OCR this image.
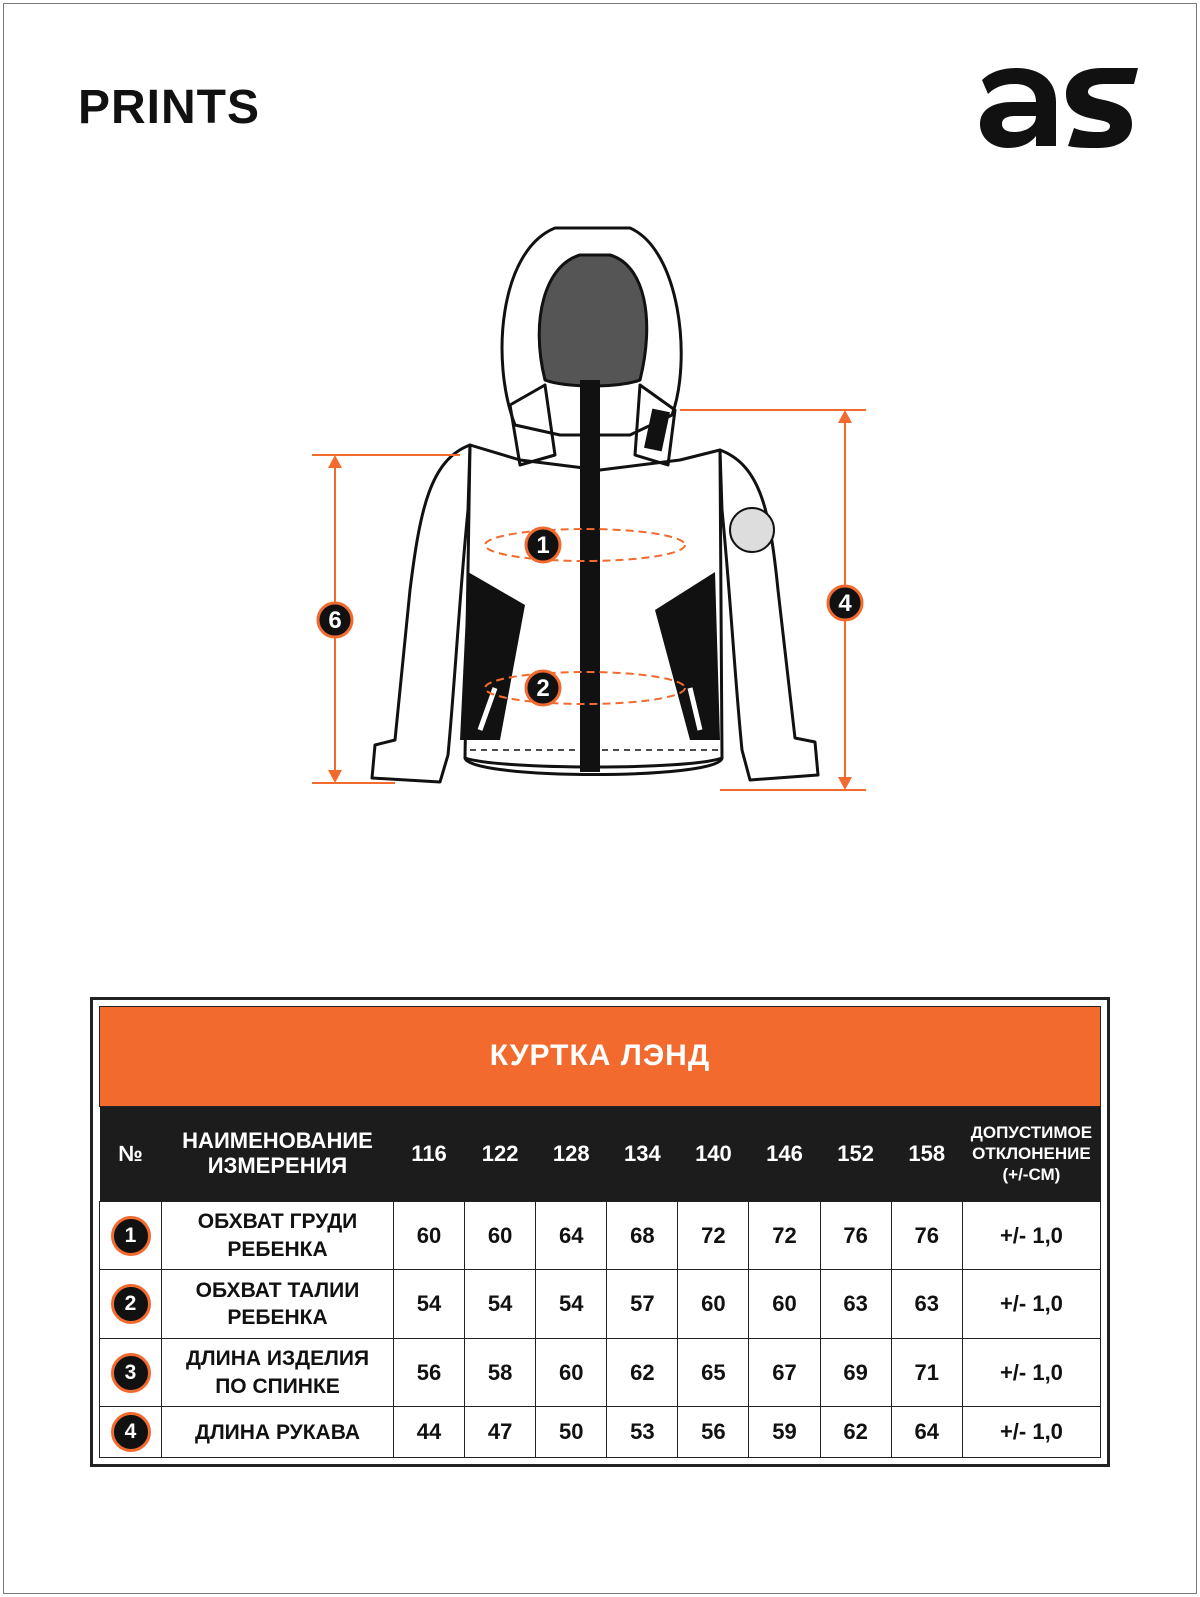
PRINTS
1
2
6
4
КУРТКА ЛЭНД										
№	НАИМЕНОВАНИЕ ИЗМЕРЕНИЯ	116	122	128	134	140	146	152	158	ДОПУСТИМОЕ ОТКЛОНЕНИЕ (+/-СМ)
1	ОБХВАТ ГРУДИ РЕБЕНКА	60	60	64	68	72	72	76	76	+/- 1,0
2	ОБХВАТ ТАЛИИ РЕБЕНКА	54	54	54	57	60	60	63	63	+/- 1,0
3	ДЛИНА ИЗДЕЛИЯ ПО СПИНКЕ	56	58	60	62	65	67	69	71	+/- 1,0
4	ДЛИНА РУКАВА	44	47	50	53	56	59	62	64	+/- 1,0
